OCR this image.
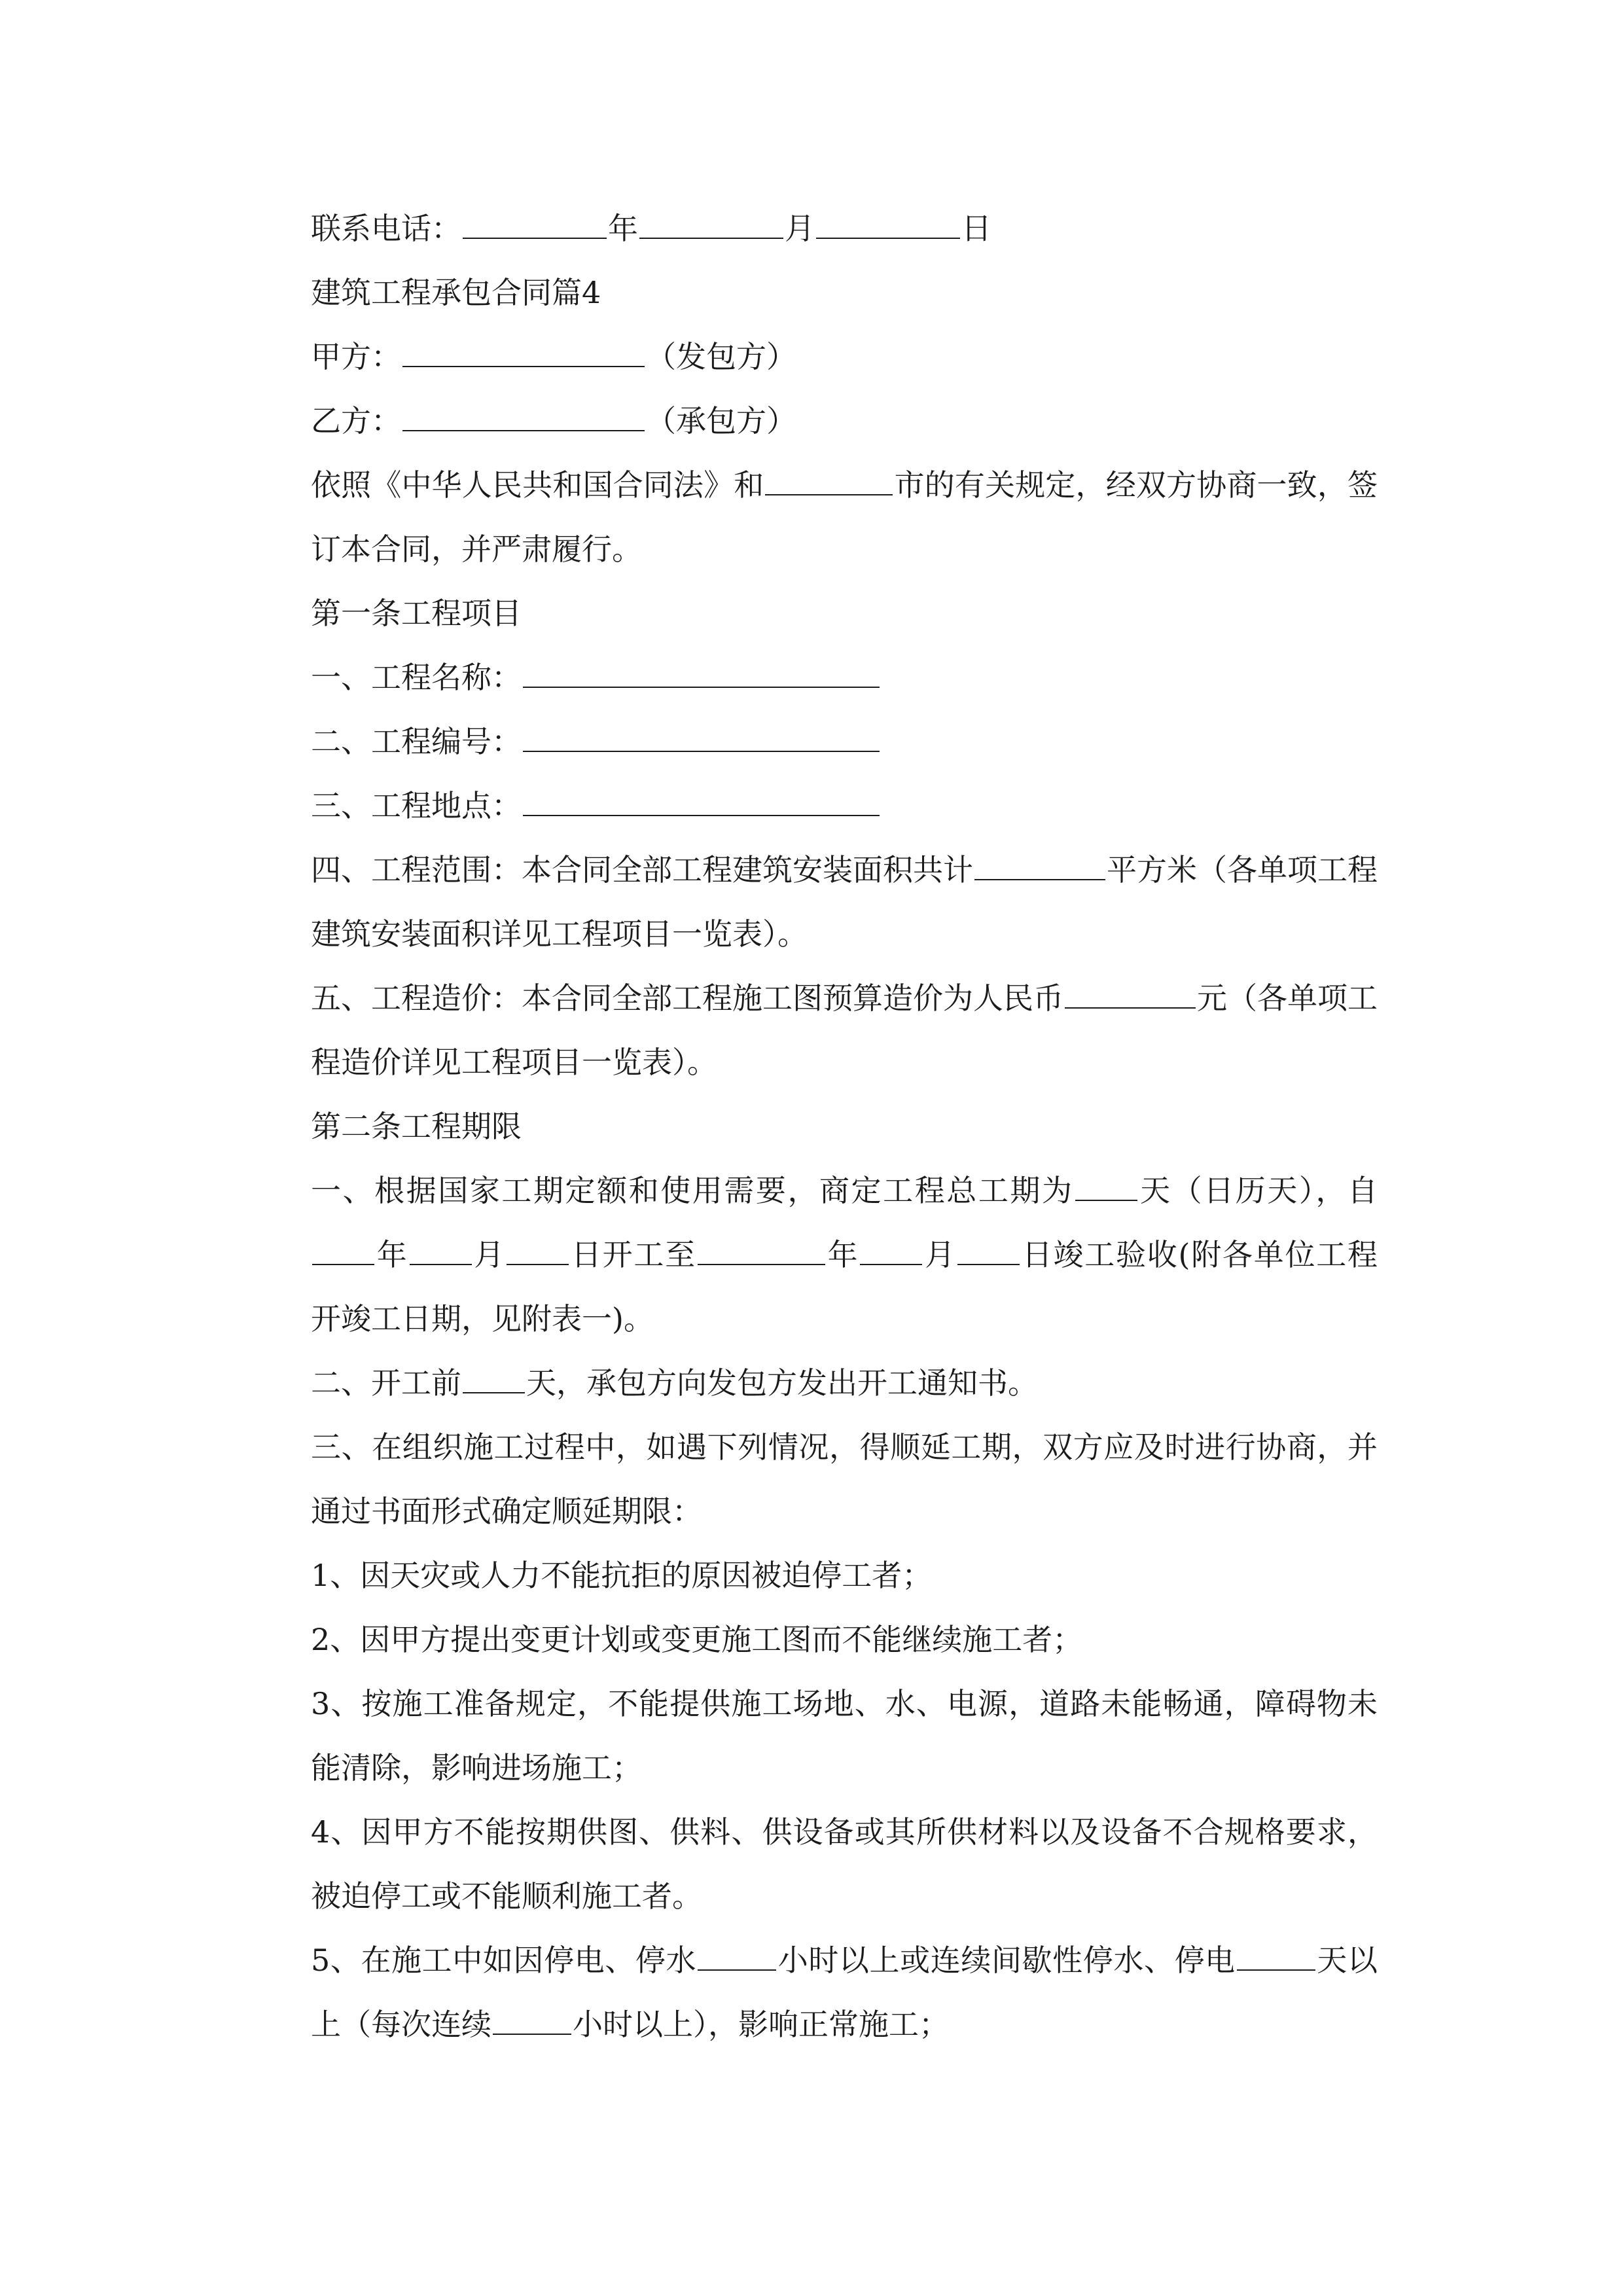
联系电话：	年	月	日

建筑工程承包合同篇4

甲方：	（发包方）

乙方：	（承包方）

依照《中华人民共和国合同法》和	市的有关规定，经双方协商一致，签订本合同，并严肃履行。

第一条工程项目

一、工程名称：

二、工程编号：

三、工程地点：

四、工程范围：本合同全部工程建筑安装面积共计	平方米（各单项工程建筑安装面积详见工程项目一览表）。

五、工程造价：本合同全部工程施工图预算造价为人民币	元（各单项工程造价详见工程项目一览表）。

第二条工程期限

一、根据国家工期定额和使用需要，商定工程总工期为 天（日历天），自年 月 日开工至	年 月 日竣工验收(附各单位工程开竣工日期，见附表一)。

二、开工前 天，承包方向发包方发出开工通知书。

三、在组织施工过程中，如遇下列情况，得顺延工期，双方应及时进行协商，并通过书面形式确定顺延期限：

1、因天灾或人力不能抗拒的原因被迫停工者；

2、因甲方提出变更计划或变更施工图而不能继续施工者；

3、按施工准备规定，不能提供施工场地、水、电源，道路未能畅通，障碍物未能清除，影响进场施工；

4、因甲方不能按期供图、供料、供设备或其所供材料以及设备不合规格要求，被迫停工或不能顺利施工者。

5、在施工中如因停电、停水	小时以上或连续间歇性停水、停电	天以上（每次连续	小时以上），影响正常施工；
